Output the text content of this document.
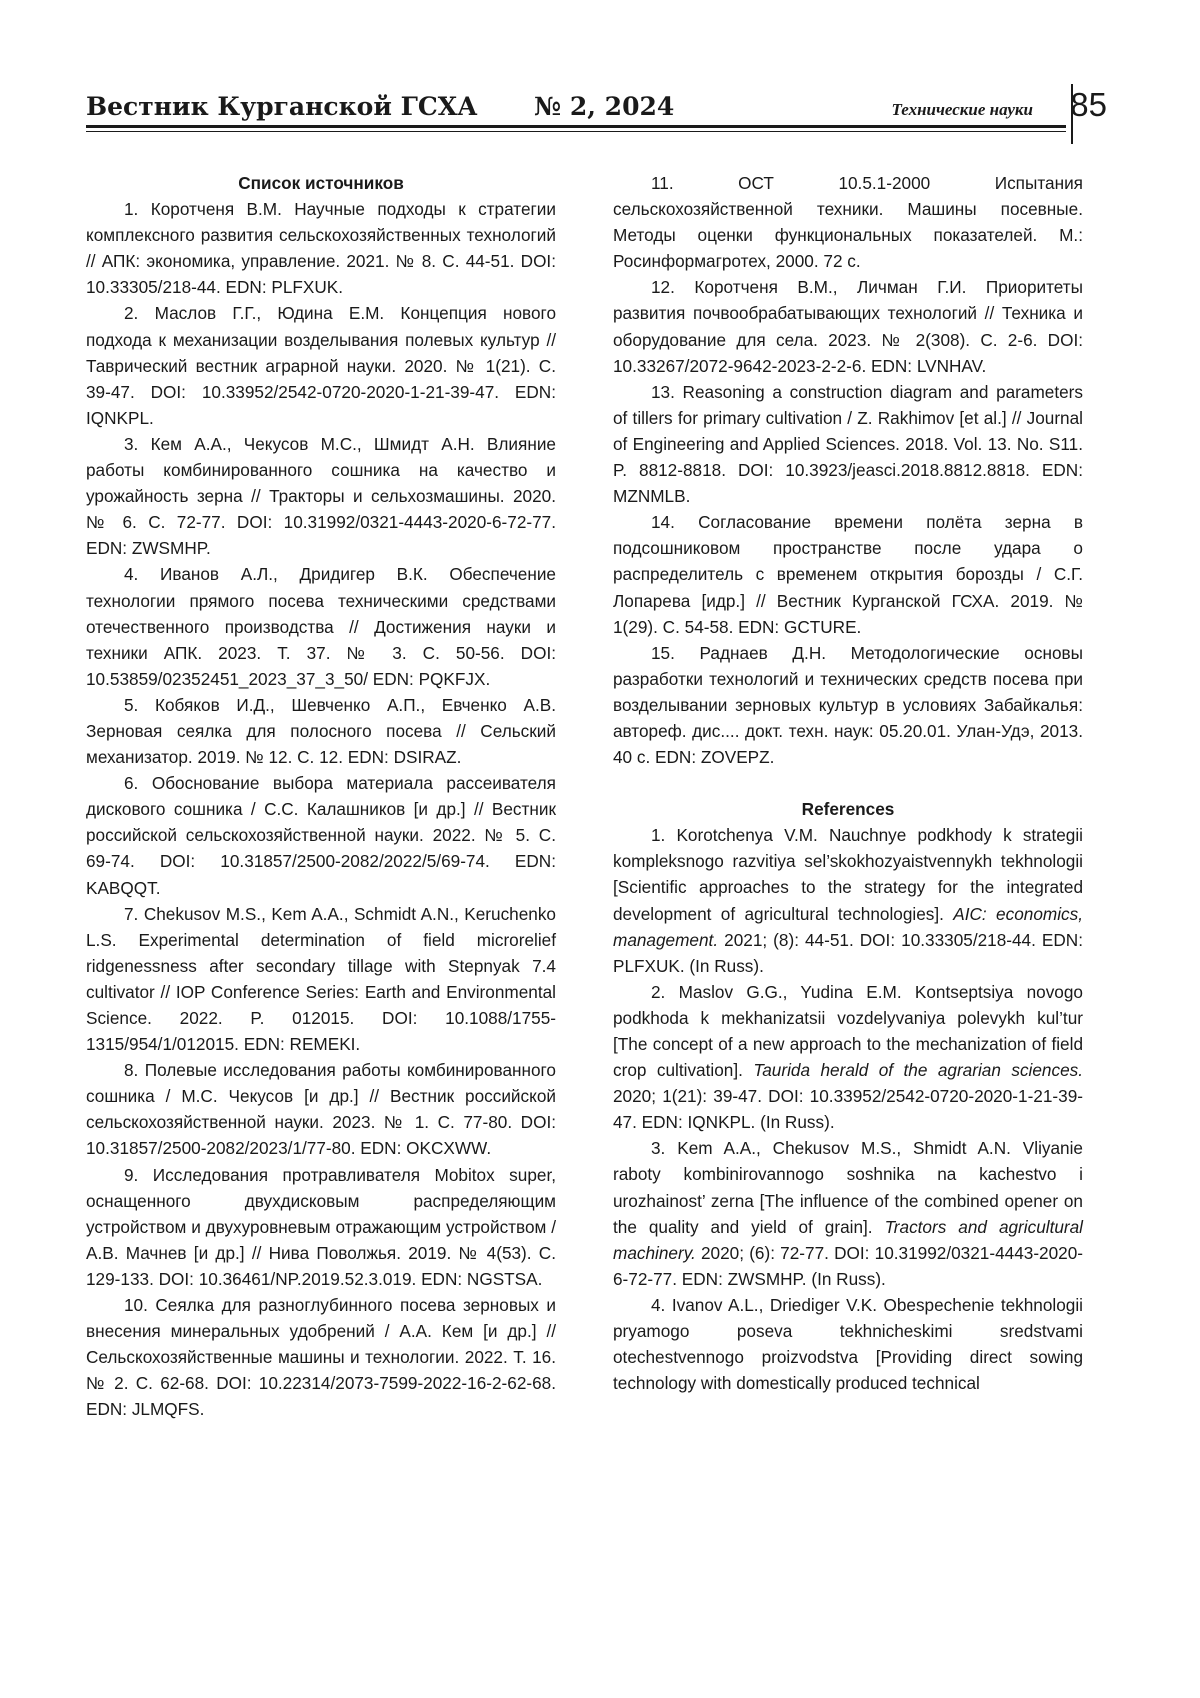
Вестник Курганской ГСХА № 2, 2024	Технические науки 85

Список источников

1. Коротченя В.М. Научные подходы к стратегии комплексного развития сельскохозяйственных технологий // АПК: экономика, управление. 2021. № 8. С. 44-51. DOI: 10.33305/218-44. EDN: PLFXUK.

2. Маслов Г.Г., Юдина Е.М. Концепция нового подхода к механизации возделывания полевых культур // Таврический вестник аграрной науки. 2020. № 1(21). С. 39-47. DOI: 10.33952/2542-0720-2020-1-21-39-47. EDN: IQNKPL.

3. Кем А.А., Чекусов М.С., Шмидт А.Н. Влияние работы комбинированного сошника на качество и урожайность зерна // Тракторы и сельхозмашины. 2020. № 6. С. 72-77. DOI: 10.31992/0321-4443-2020-6-72-77. EDN: ZWSMHP.

4. Иванов А.Л., Дридигер В.К. Обеспечение технологии прямого посева техническими средствами отечественного производства // Достижения науки и техники АПК. 2023. Т. 37. № 3. С. 50-56. DOI: 10.53859/02352451_2023_37_3_50/ EDN: PQKFJX.

5. Кобяков И.Д., Шевченко А.П., Евченко А.В. Зерновая сеялка для полосного посева // Сельский механизатор. 2019. № 12. С. 12. EDN: DSIRAZ.

6. Обоснование выбора материала рассеивателя дискового сошника / С.С. Калашников [и др.] // Вестник российской сельскохозяйственной науки. 2022. № 5. С. 69-74. DOI: 10.31857/2500-2082/2022/5/69-74. EDN: KABQQT.

7. Chekusov M.S., Kem A.A., Schmidt A.N., Keruchenko L.S. Experimental determination of field microrelief ridgenessness after secondary tillage with Stepnyak 7.4 cultivator // IOP Conference Series: Earth and Environmental Science. 2022. P. 012015. DOI: 10.1088/1755-1315/954/1/012015. EDN: REMEKI.

8. Полевые исследования работы комбинированного сошника / М.С. Чекусов [и др.] // Вестник российской сельскохозяйственной науки. 2023. № 1. С. 77-80. DOI: 10.31857/2500-2082/2023/1/77-80. EDN: OKCXWW.

9. Исследования протравливателя Mobitox super, оснащенного двухдисковым распределяющим устройством и двухуровневым отражающим устройством / А.В. Мачнев [и др.] // Нива Поволжья. 2019. № 4(53). С. 129-133. DOI: 10.36461/NP.2019.52.3.019. EDN: NGSTSA.

10. Сеялка для разноглубинного посева зерновых и внесения минеральных удобрений / А.А. Кем [и др.] // Сельскохозяйственные машины и технологии. 2022. Т. 16. № 2. С. 62-68. DOI: 10.22314/2073-7599-2022-16-2-62-68. EDN: JLMQFS.

11. ОСТ 10.5.1-2000 Испытания сельскохозяйственной техники. Машины посевные. Методы оценки функциональных показателей. М.: Росинформагротех, 2000. 72 с.

12. Коротченя В.М., Личман Г.И. Приоритеты развития почвообрабатывающих технологий // Техника и оборудование для села. 2023. № 2(308). С. 2-6. DOI: 10.33267/2072-9642-2023-2-2-6. EDN: LVNHAV.

13. Reasoning a construction diagram and parameters of tillers for primary cultivation / Z. Rakhimov [et al.] // Journal of Engineering and Applied Sciences. 2018. Vol. 13. No. S11. P. 8812-8818. DOI: 10.3923/jeasci.2018.8812.8818. EDN: MZNMLB.

14. Согласование времени полёта зерна в подсошниковом пространстве после удара о распределитель с временем открытия борозды / С.Г. Лопарева [идр.] // Вестник Курганской ГСХА. 2019. № 1(29). С. 54-58. EDN: GCTURE.

15. Раднаев Д.Н. Методологические основы разработки технологий и технических средств посева при возделывании зерновых культур в условиях Забайкалья: автореф. дис.... докт. техн. наук: 05.20.01. Улан-Удэ, 2013. 40 с. EDN: ZOVEPZ.

References

1. Korotchenya V.M. Nauchnye podkhody k strategii kompleksnogo razvitiya sel’skokhozyaistvennykh tekhnologii [Scientific approaches to the strategy for the integrated development of agricultural technologies]. AIC: economics, management. 2021; (8): 44-51. DOI: 10.33305/218-44. EDN: PLFXUK. (In Russ).

2. Maslov G.G., Yudina E.M. Kontseptsiya novogo podkhoda k mekhanizatsii vozdelyvaniya polevykh kul’tur [The concept of a new approach to the mechanization of field crop cultivation]. Taurida herald of the agrarian sciences. 2020; 1(21): 39-47. DOI: 10.33952/2542-0720-2020-1-21-39-47. EDN: IQNKPL. (In Russ).

3. Kem A.A., Chekusov M.S., Shmidt A.N. Vliyanie raboty kombinirovannogo soshnika na kachestvo i urozhainost’ zerna [The influence of the combined opener on the quality and yield of grain]. Tractors and agricultural machinery. 2020; (6): 72-77. DOI: 10.31992/0321-4443-2020-6-72-77. EDN: ZWSMHP. (In Russ).

4. Ivanov A.L., Driediger V.K. Obespechenie tekhnologii pryamogo poseva tekhnicheskimi sredstvami otechestvennogo proizvodstva [Providing direct sowing technology with domestically produced technical
